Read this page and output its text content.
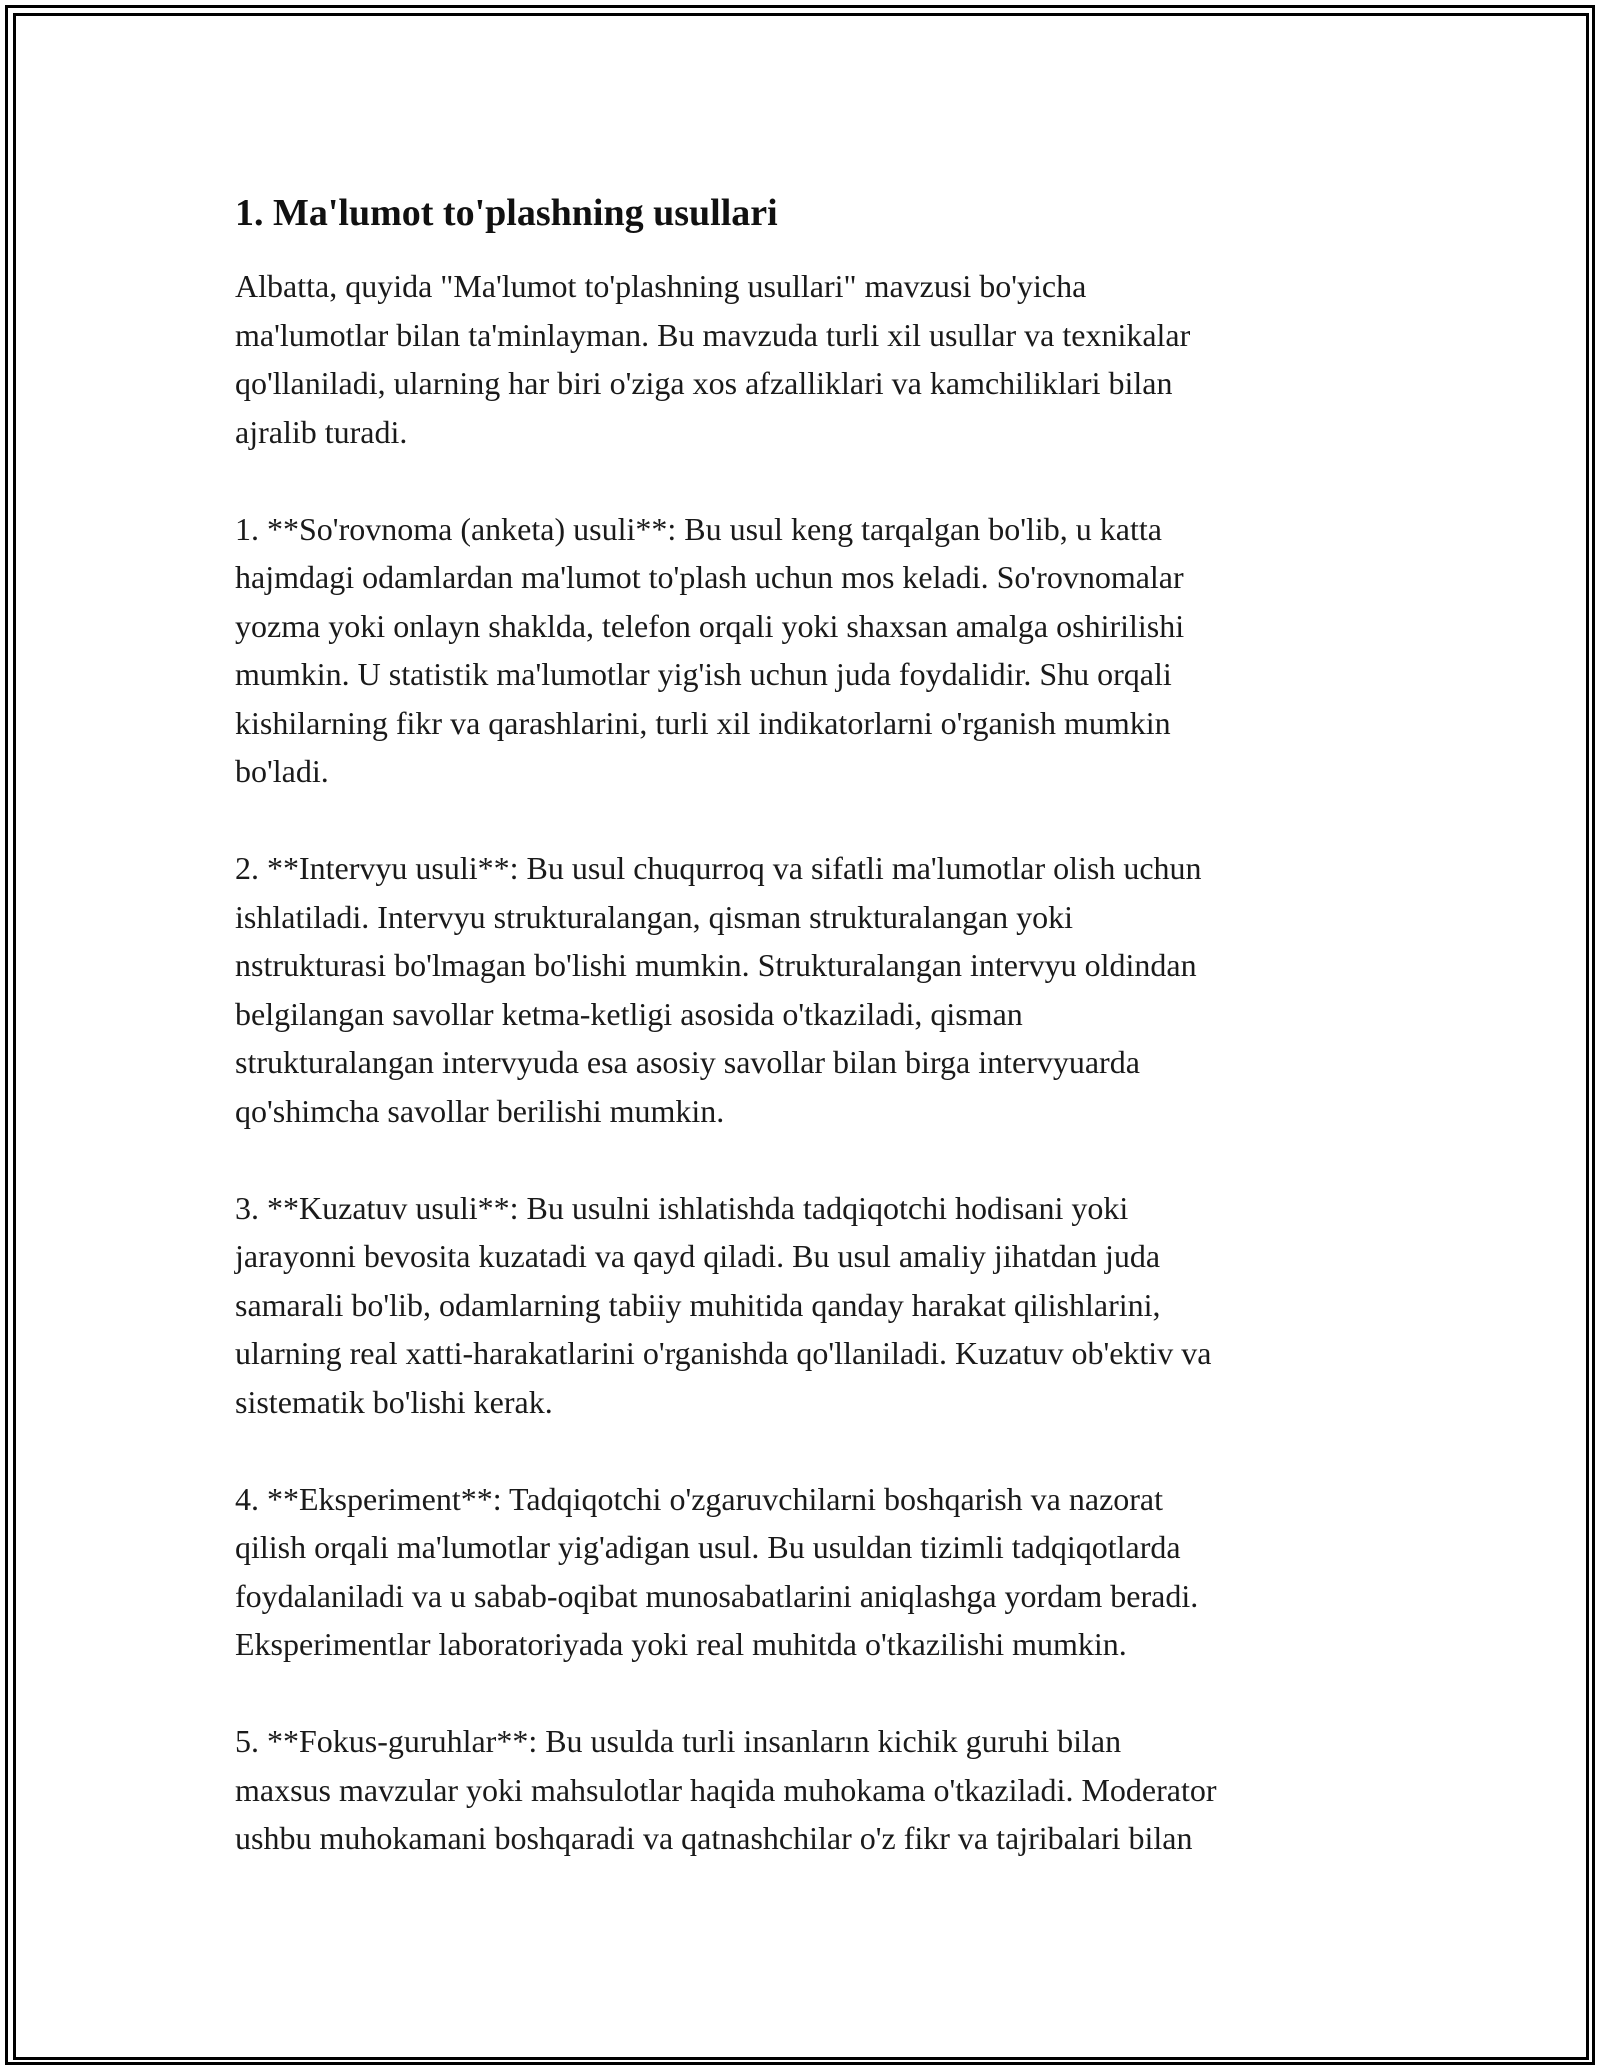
1. Ma'lumot to'plashning usullari

Albatta, quyida "Ma'lumot to'plashning usullari" mavzusi bo'yicha
ma'lumotlar bilan ta'minlayman. Bu mavzuda turli xil usullar va texnikalar
qo'llaniladi, ularning har biri o'ziga xos afzalliklari va kamchiliklari bilan
ajralib turadi.

1. **So'rovnoma (anketa) usuli**: Bu usul keng tarqalgan bo'lib, u katta
hajmdagi odamlardan ma'lumot to'plash uchun mos keladi. So'rovnomalar
yozma yoki onlayn shaklda, telefon orqali yoki shaxsan amalga oshirilishi
mumkin. U statistik ma'lumotlar yig'ish uchun juda foydalidir. Shu orqali
kishilarning fikr va qarashlarini, turli xil indikatorlarni o'rganish mumkin
bo'ladi.

2. **Intervyu usuli**: Bu usul chuqurroq va sifatli ma'lumotlar olish uchun
ishlatiladi. Intervyu strukturalangan, qisman strukturalangan yoki
nstrukturasi bo'lmagan bo'lishi mumkin. Strukturalangan intervyu oldindan
belgilangan savollar ketma-ketligi asosida o'tkaziladi, qisman
strukturalangan intervyuda esa asosiy savollar bilan birga intervyuarda
qo'shimcha savollar berilishi mumkin.

3. **Kuzatuv usuli**: Bu usulni ishlatishda tadqiqotchi hodisani yoki
jarayonni bevosita kuzatadi va qayd qiladi. Bu usul amaliy jihatdan juda
samarali bo'lib, odamlarning tabiiy muhitida qanday harakat qilishlarini,
ularning real xatti-harakatlarini o'rganishda qo'llaniladi. Kuzatuv ob'ektiv va
sistematik bo'lishi kerak.

4. **Eksperiment**: Tadqiqotchi o'zgaruvchilarni boshqarish va nazorat
qilish orqali ma'lumotlar yig'adigan usul. Bu usuldan tizimli tadqiqotlarda
foydalaniladi va u sabab-oqibat munosabatlarini aniqlashga yordam beradi.
Eksperimentlar laboratoriyada yoki real muhitda o'tkazilishi mumkin.

5. **Fokus-guruhlar**: Bu usulda turli insanların kichik guruhi bilan
maxsus mavzular yoki mahsulotlar haqida muhokama o'tkaziladi. Moderator
ushbu muhokamani boshqaradi va qatnashchilar o'z fikr va tajribalari bilan
